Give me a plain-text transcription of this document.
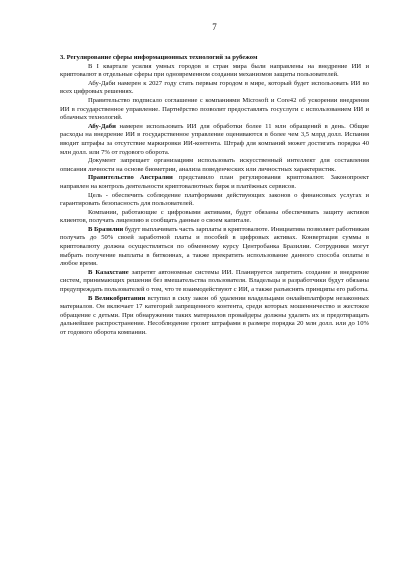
7

3. Регулирование сферы информационных технологий за рубежом

В I квартале усилия умных городов и стран мира были направлены на внедрение ИИ и криптовалют в отдельные сферы при одновременном создании механизмов защиты пользователей.

Абу-Даби намерен к 2027 году стать первым городом в мире, который будет использовать ИИ во всех цифровых решениях.

Правительство подписало соглашение с компаниями Microsoft и Core42 об ускорении внедрения ИИ в государственное управление. Партнёрство позволит предоставлять госуслуги с использованием ИИ и облачных технологий.

Абу-Даби намерен использовать ИИ для обработки более 11 млн обращений в день. Общие расходы на внедрение ИИ в государственное управление оцениваются в более чем 3,5 млрд долл. Испания вводит штрафы за отсутствие маркировки ИИ-контента. Штраф для компаний может достигать порядка 40 млн долл. или 7% от годового оборота.

Документ запрещает организациям использовать искусственный интеллект для составления описания личности на основе биометрии, анализа поведенческих или личностных характеристик.

Правительство Австралии представило план регулирования криптовалют. Законопроект направлен на контроль деятельности криптовалютных бирж и платёжных сервисов.

Цель - обеспечить соблюдение платформами действующих законов о финансовых услугах и гарантировать безопасность для пользователей.

Компании, работающие с цифровыми активами, будут обязаны обеспечивать защиту активов клиентов, получать лицензию и сообщать данные о своем капитале.

В Бразилии будут выплачивать часть зарплаты в криптовалюте. Инициатива позволяет работникам получать до 50% своей заработной платы и пособий в цифровых активах. Конвертация суммы в криптовалюту должна осуществляться по обменному курсу Центробанка Бразилии. Сотрудники могут выбрать получение выплаты в биткоинах, а также прекратить использование данного способа оплаты в любое время.

В Казахстане запретят автономные системы ИИ. Планируется запретить создание и внедрение систем, принимающих решения без вмешательства пользователя. Владельцы и разработчики будут обязаны предупреждать пользователей о том, что те взаимодействуют с ИИ, а также разъяснять принципы его работы.

В Великобритании вступил в силу закон об удалении владельцами онлайнплатформ незаконных материалов. Он включает 17 категорий запрещенного контента, среди которых мошенничество и жестокое обращение с детьми. При обнаружении таких материалов провайдеры должны удалять их и предотвращать дальнейшее распространение. Несоблюдение грозит штрафами в размере порядка 20 млн долл. или до 10% от годового оборота компании.
